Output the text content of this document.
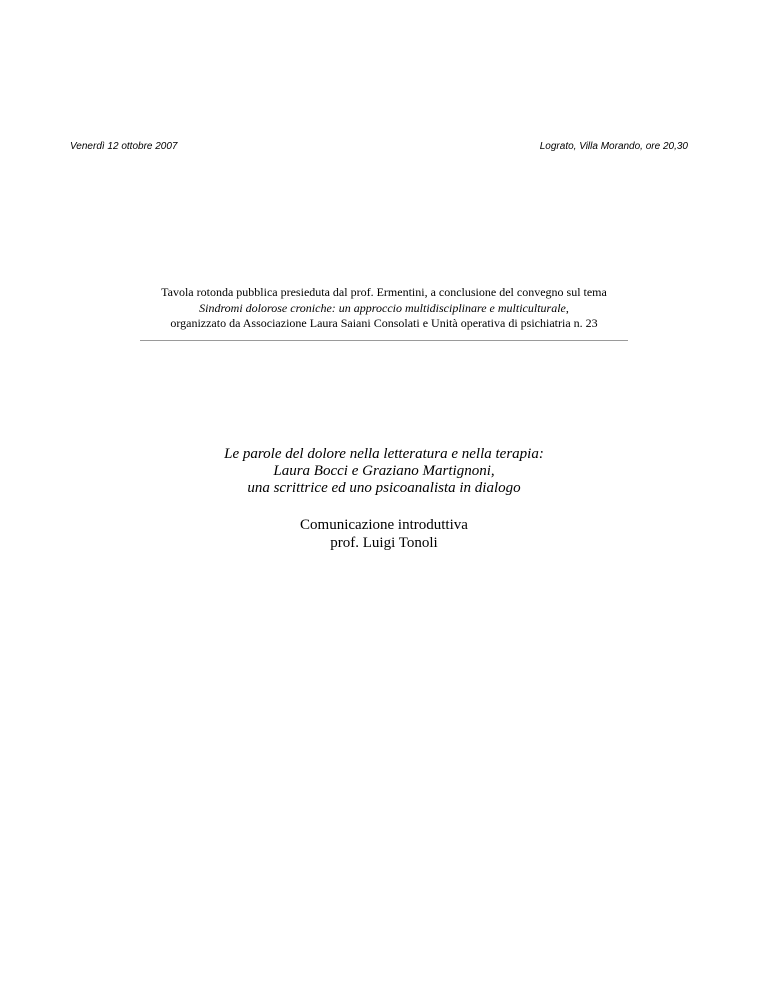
Venerdì 12 ottobre 2007	Lograto, Villa Morando, ore 20,30
Tavola rotonda pubblica presieduta dal prof. Ermentini, a conclusione del convegno sul tema
Sindromi dolorose croniche: un approccio multidisciplinare e multiculturale,
organizzato da Associazione Laura Saiani Consolati e Unità operativa di psichiatria n. 23
Le parole del dolore nella letteratura e nella terapia:
Laura Bocci e Graziano Martignoni,
una scrittrice ed uno psicoanalista in dialogo
Comunicazione introduttiva
prof. Luigi Tonoli
